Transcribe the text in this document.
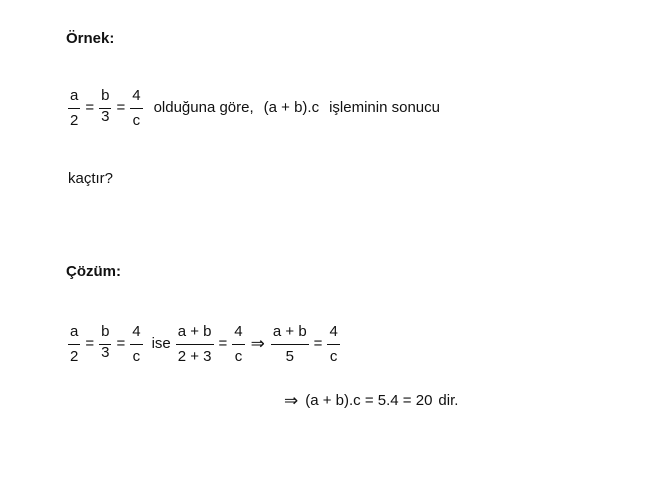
Örnek:
$\frac{a}{2} = \frac{b}{3} = \frac{4}{c}$ olduğuna göre, (a + b).c işleminin sonucu
kaçtır?
Çözüm:
$\frac{a}{2} = \frac{b}{3} = \frac{4}{c}$ ise $\frac{a + b}{2 + 3} = \frac{4}{c}$ ⇒ $\frac{a + b}{5} = \frac{4}{c}$
⇒ (a + b).c = 5.4 = 20 dir.
